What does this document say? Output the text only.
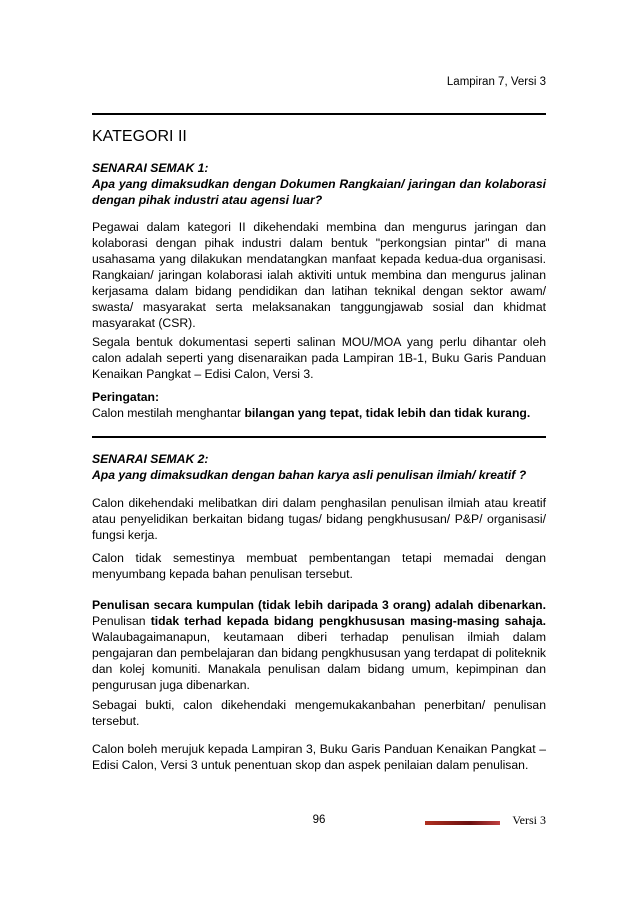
Lampiran 7, Versi 3
KATEGORI II

SENARAI SEMAK 1:

Apa yang dimaksudkan dengan Dokumen Rangkaian/ jaringan dan kolaborasi dengan pihak industri atau agensi luar?

Pegawai dalam kategori II dikehendaki membina dan mengurus jaringan dan kolaborasi dengan pihak industri dalam bentuk "perkongsian pintar" di mana usahasama yang dilakukan mendatangkan manfaat kepada kedua-dua organisasi. Rangkaian/ jaringan kolaborasi ialah aktiviti untuk membina dan mengurus jalinan kerjasama dalam bidang pendidikan dan latihan teknikal dengan sektor awam/ swasta/ masyarakat serta melaksanakan tanggungjawab sosial dan khidmat masyarakat (CSR).

Segala bentuk dokumentasi seperti salinan MOU/MOA yang perlu dihantar oleh calon adalah seperti yang disenaraikan pada Lampiran 1B-1, Buku Garis Panduan Kenaikan Pangkat – Edisi Calon, Versi 3.

Peringatan:

Calon mestilah menghantar bilangan yang tepat, tidak lebih dan tidak kurang.

SENARAI SEMAK 2:

Apa yang dimaksudkan dengan bahan karya asli penulisan ilmiah/ kreatif ?

Calon dikehendaki melibatkan diri dalam penghasilan penulisan ilmiah atau kreatif atau penyelidikan berkaitan bidang tugas/ bidang pengkhususan/ P&P/ organisasi/ fungsi kerja.

Calon tidak semestinya membuat pembentangan tetapi memadai dengan menyumbang kepada bahan penulisan tersebut.

Penulisan secara kumpulan (tidak lebih daripada 3 orang) adalah dibenarkan. Penulisan tidak terhad kepada bidang pengkhususan masing-masing sahaja. Walaubagaimanapun, keutamaan diberi terhadap penulisan ilmiah dalam pengajaran dan pembelajaran dan bidang pengkhususan yang terdapat di politeknik dan kolej komuniti. Manakala penulisan dalam bidang umum, kepimpinan dan pengurusan juga dibenarkan.

Sebagai bukti, calon dikehendaki mengemukakanbahan penerbitan/ penulisan tersebut.

Calon boleh merujuk kepada Lampiran 3, Buku Garis Panduan Kenaikan Pangkat – Edisi Calon, Versi 3 untuk penentuan skop dan aspek penilaian dalam penulisan.

96	Versi 3
